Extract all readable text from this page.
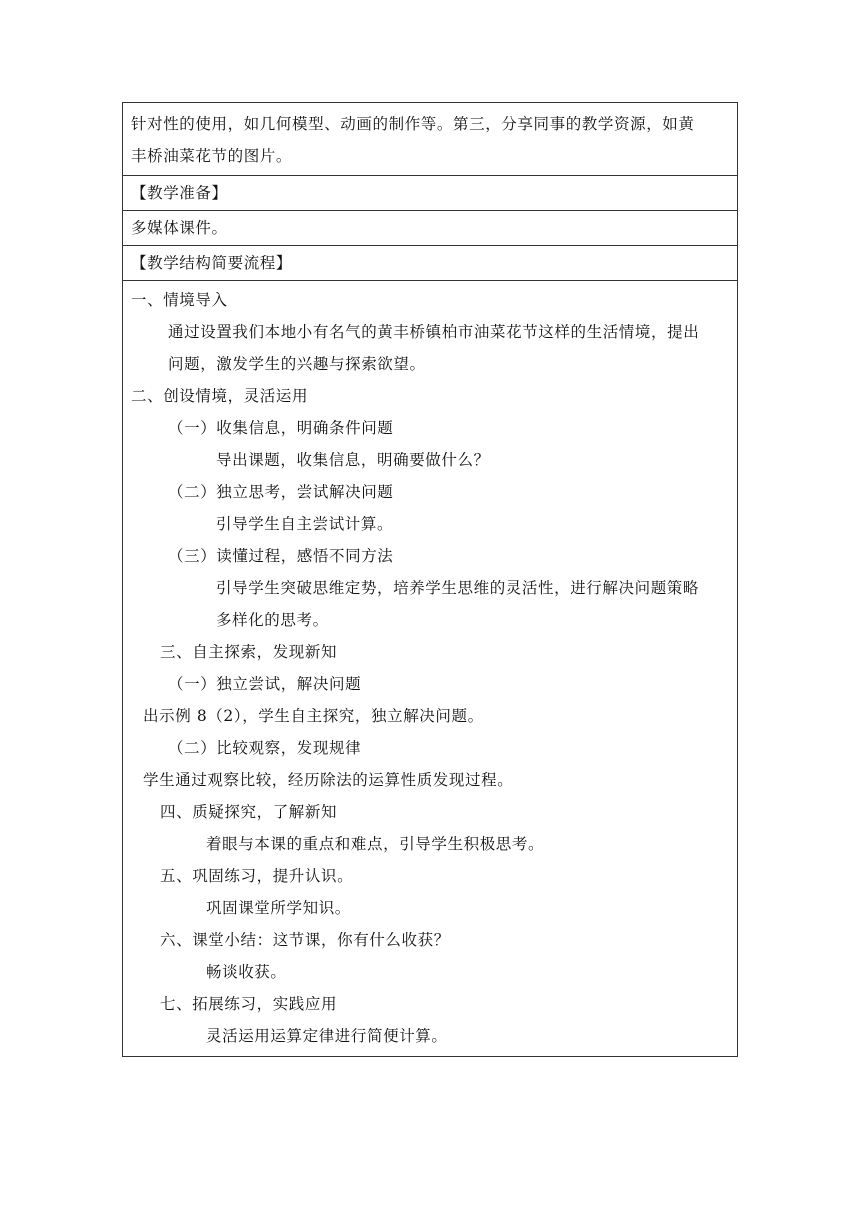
针对性的使用，如几何模型、动画的制作等。第三，分享同事的教学资源，如黄
丰桥油菜花节的图片。
【教学准备】
多媒体课件。
【教学结构简要流程】
一、情境导入
通过设置我们本地小有名气的黄丰桥镇柏市油菜花节这样的生活情境，提出
问题，激发学生的兴趣与探索欲望。
二、创设情境，灵活运用
（一）收集信息，明确条件问题
导出课题，收集信息，明确要做什么？
（二）独立思考，尝试解决问题
引导学生自主尝试计算。
（三）读懂过程，感悟不同方法
引导学生突破思维定势，培养学生思维的灵活性，进行解决问题策略
多样化的思考。
三、自主探索，发现新知
（一）独立尝试，解决问题
出示例 8（2），学生自主探究，独立解决问题。
（二）比较观察，发现规律
学生通过观察比较，经历除法的运算性质发现过程。
四、质疑探究，了解新知
着眼与本课的重点和难点，引导学生积极思考。
五、巩固练习，提升认识。
巩固课堂所学知识。
六、课堂小结：这节课，你有什么收获？
畅谈收获。
七、拓展练习，实践应用
灵活运用运算定律进行简便计算。
